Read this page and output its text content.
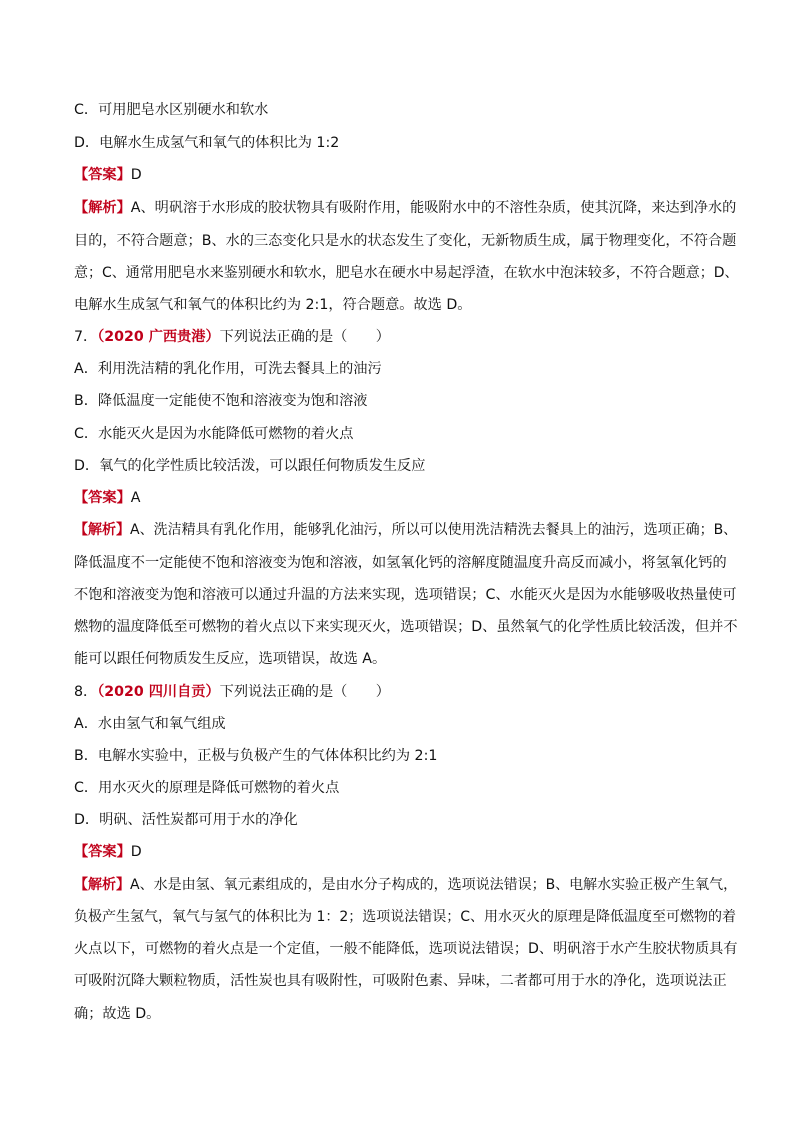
C．可用肥皂水区别硬水和软水
D．电解水生成氢气和氧气的体积比为 1:2
【答案】D
【解析】A、明矾溶于水形成的胶状物具有吸附作用，能吸附水中的不溶性杂质，使其沉降，来达到净水的
目的，不符合题意；B、水的三态变化只是水的状态发生了变化，无新物质生成，属于物理变化，不符合题
意；C、通常用肥皂水来鉴别硬水和软水，肥皂水在硬水中易起浮渣，在软水中泡沫较多，不符合题意；D、
电解水生成氢气和氧气的体积比约为 2:1，符合题意。故选 D。
7．（2020 广西贵港）下列说法正确的是（　　）
A．利用洗洁精的乳化作用，可洗去餐具上的油污
B．降低温度一定能使不饱和溶液变为饱和溶液
C．水能灭火是因为水能降低可燃物的着火点
D．氧气的化学性质比较活泼，可以跟任何物质发生反应
【答案】A
【解析】A、洗洁精具有乳化作用，能够乳化油污，所以可以使用洗洁精洗去餐具上的油污，选项正确；B、
降低温度不一定能使不饱和溶液变为饱和溶液，如氢氧化钙的溶解度随温度升高反而减小，将氢氧化钙的
不饱和溶液变为饱和溶液可以通过升温的方法来实现，选项错误；C、水能灭火是因为水能够吸收热量使可
燃物的温度降低至可燃物的着火点以下来实现灭火，选项错误；D、虽然氧气的化学性质比较活泼，但并不
能可以跟任何物质发生反应，选项错误，故选 A。
8．（2020 四川自贡）下列说法正确的是（　　）
A．水由氢气和氧气组成
B．电解水实验中，正极与负极产生的气体体积比约为 2:1
C．用水灭火的原理是降低可燃物的着火点
D．明矾、活性炭都可用于水的净化
【答案】D
【解析】A、水是由氢、氧元素组成的，是由水分子构成的，选项说法错误；B、电解水实验正极产生氧气，
负极产生氢气，氧气与氢气的体积比为 1：2；选项说法错误；C、用水灭火的原理是降低温度至可燃物的着
火点以下，可燃物的着火点是一个定值，一般不能降低，选项说法错误；D、明矾溶于水产生胶状物质具有
可吸附沉降大颗粒物质，活性炭也具有吸附性，可吸附色素、异味，二者都可用于水的净化，选项说法正
确；故选 D。
